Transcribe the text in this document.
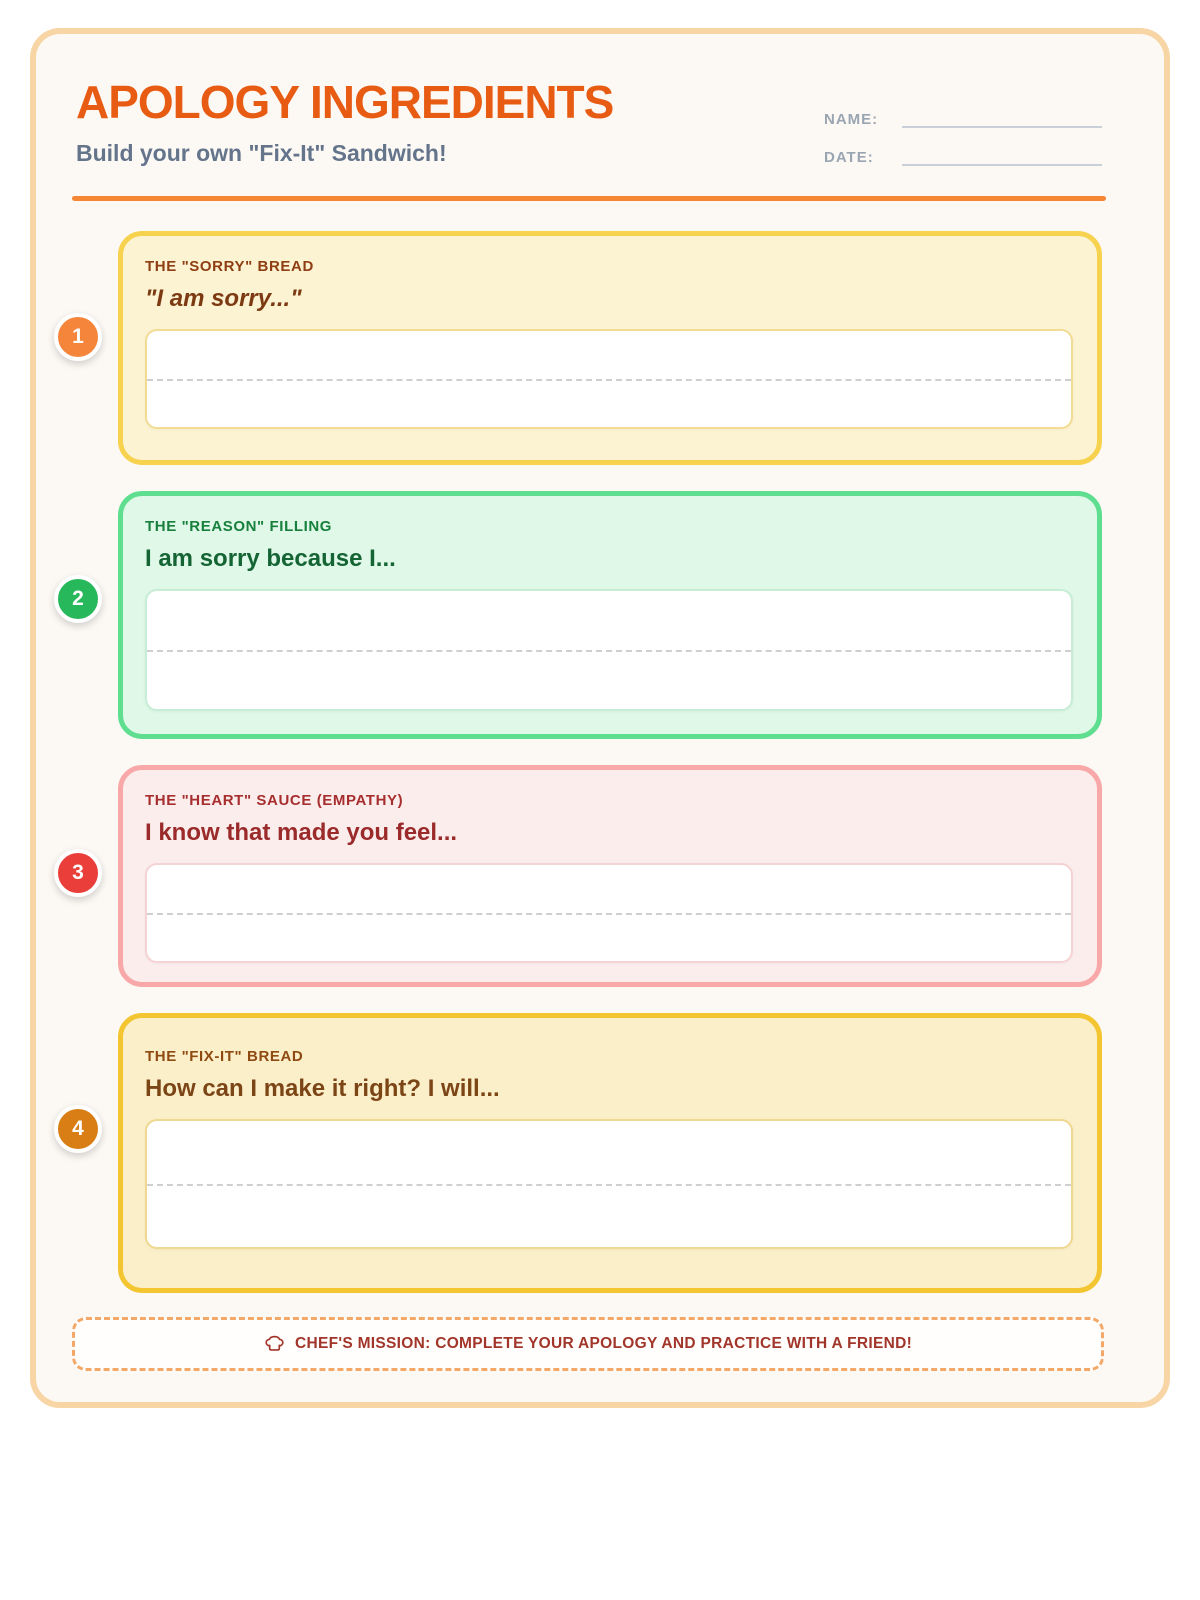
APOLOGY INGREDIENTS
Build your own "Fix-It" Sandwich!
NAME:
DATE:
THE "SORRY" BREAD
"I am sorry..."
THE "REASON" FILLING
I am sorry because I...
THE "HEART" SAUCE (EMPATHY)
I know that made you feel...
THE "FIX-IT" BREAD
How can I make it right? I will...
CHEF'S MISSION: COMPLETE YOUR APOLOGY AND PRACTICE WITH A FRIEND!
1
2
3
4
